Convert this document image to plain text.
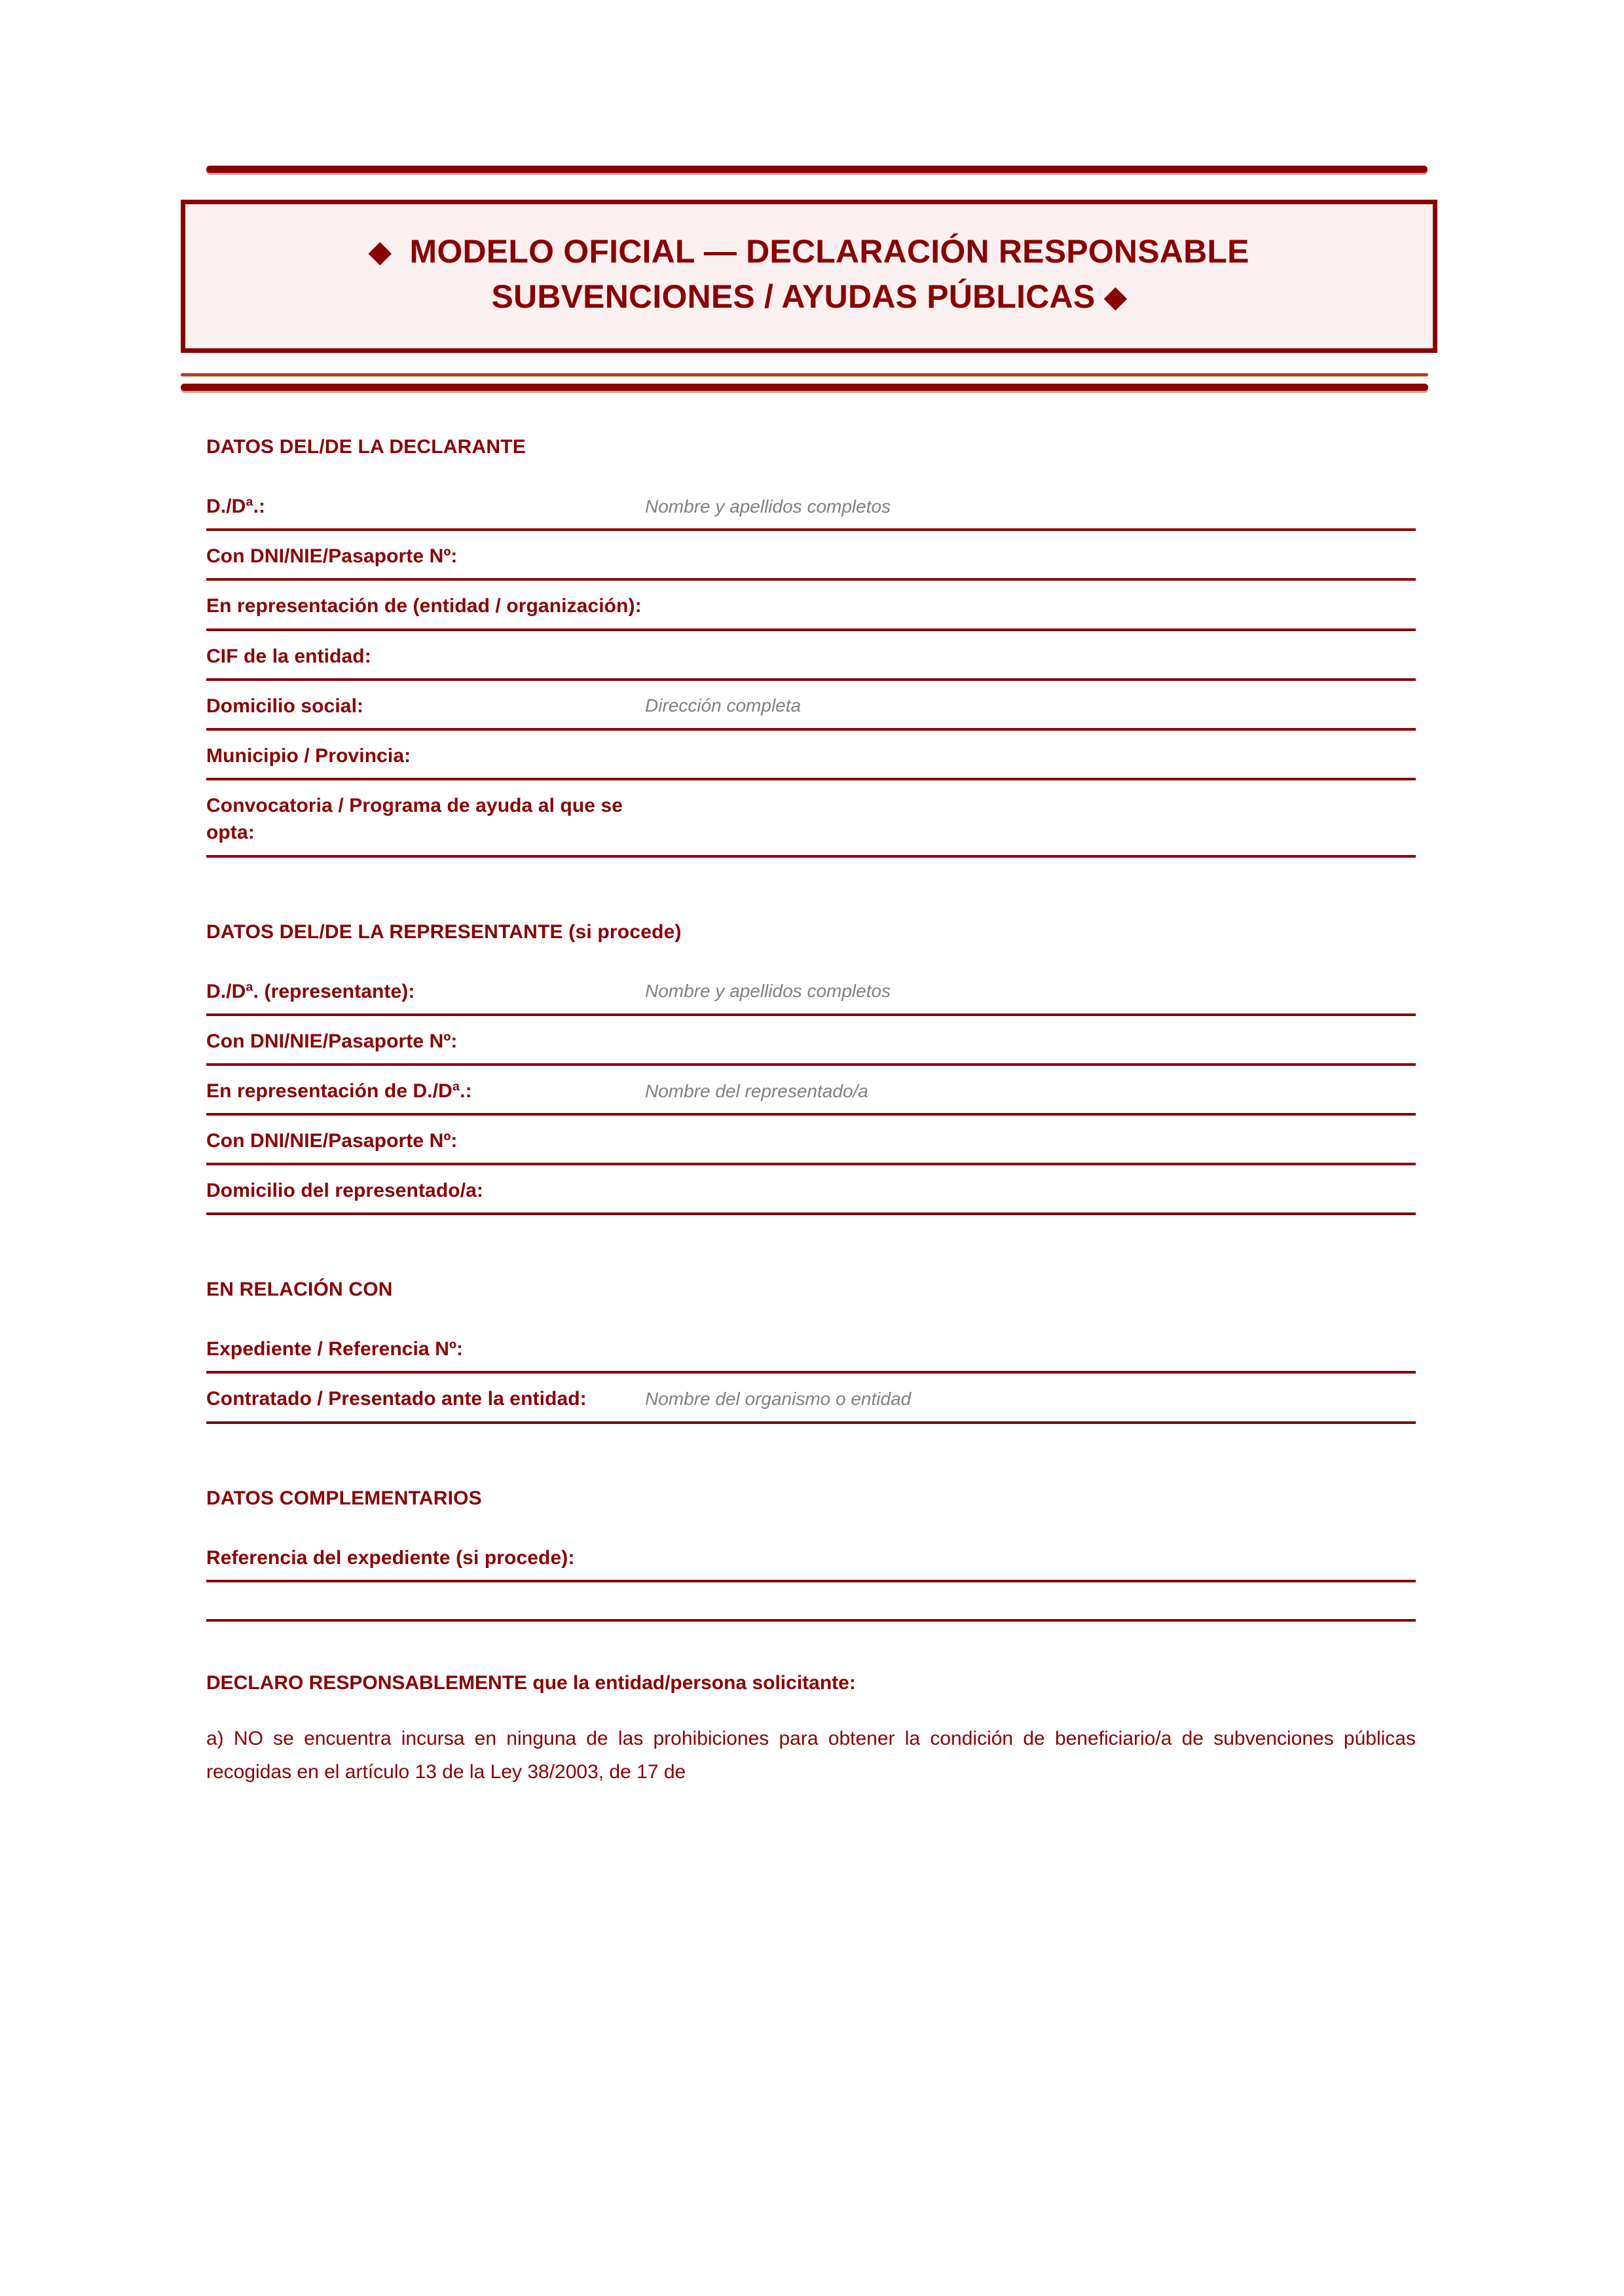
◆ MODELO OFICIAL — DECLARACIÓN RESPONSABLE
SUBVENCIONES / AYUDAS PÚBLICAS ◆
DATOS DEL/DE LA DECLARANTE
D./Dª.:	Nombre y apellidos completos
Con DNI/NIE/Pasaporte Nº:
En representación de (entidad / organización):
CIF de la entidad:
Domicilio social:	Dirección completa
Municipio / Provincia:
Convocatoria / Programa de ayuda al que se opta:
DATOS DEL/DE LA REPRESENTANTE (si procede)
D./Dª. (representante):	Nombre y apellidos completos
Con DNI/NIE/Pasaporte Nº:
En representación de D./Dª.:	Nombre del representado/a
Con DNI/NIE/Pasaporte Nº:
Domicilio del representado/a:
EN RELACIÓN CON
Expediente / Referencia Nº:
Contratado / Presentado ante la entidad:	Nombre del organismo o entidad
DATOS COMPLEMENTARIOS
Referencia del expediente (si procede):
DECLARO RESPONSABLEMENTE que la entidad/persona solicitante:
a) NO se encuentra incursa en ninguna de las prohibiciones para obtener la condición de beneficiario/a de subvenciones públicas recogidas en el artículo 13 de la Ley 38/2003, de 17 de
